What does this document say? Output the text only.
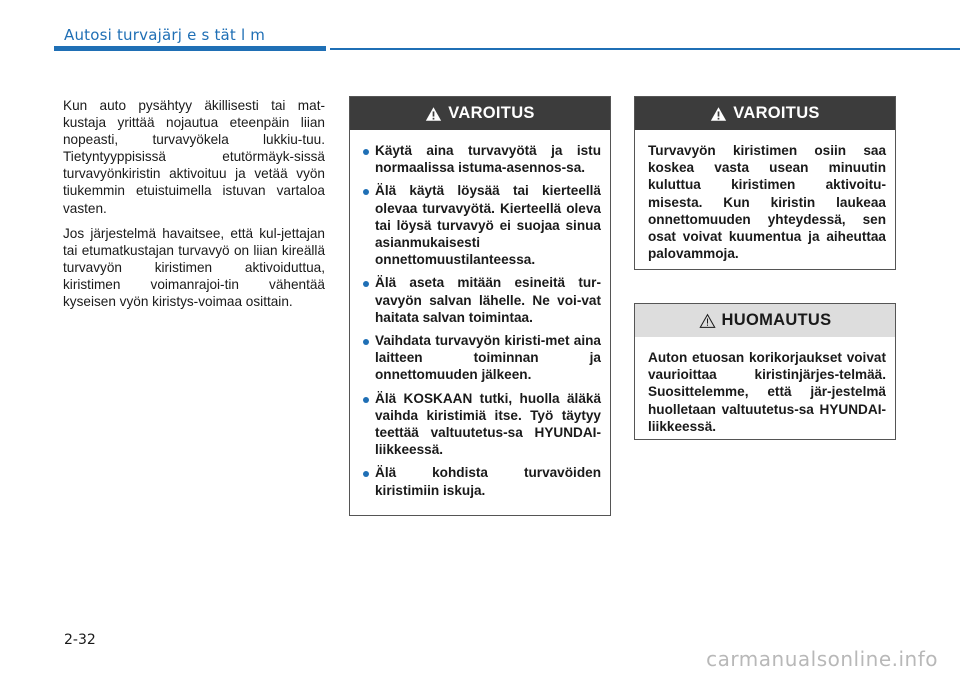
Autosi turvajärj e s tät l m

Kun auto pysähtyy äkillisesti tai mat-kustaja yrittää nojautua eteenpäin liian nopeasti, turvavyökela lukkiu-tuu. Tietyntyyppisissä etutörmäyk-sissä turvavyönkiristin aktivoituu ja vetää vyön tiukemmin etuistuimella istuvan vartaloa vasten.

Jos järjestelmä havaitsee, että kul-jettajan tai etumatkustajan turvavyö on liian kireällä turvavyön kiristimen aktivoiduttua, kiristimen voimanrajoi-tin vähentää kyseisen vyön kiristys-voimaa osittain.

VAROITUS
Käytä aina turvavyötä ja istu normaalissa istuma-asennos-sa.
Älä käytä löysää tai kierteellä olevaa turvavyötä. Kierteellä oleva tai löysä turvavyö ei suojaa sinua asianmukaisesti onnettomuustilanteessa.
Älä aseta mitään esineitä tur-vavyön salvan lähelle. Ne voi-vat haitata salvan toimintaa.
Vaihdata turvavyön kiristi-met aina laitteen toiminnan ja onnettomuuden jälkeen.
Älä KOSKAAN tutki, huolla äläkä vaihda kiristimiä itse. Työ täytyy teettää valtuutetus-sa HYUNDAI-liikkeessä.
Älä kohdista turvavöiden kiristimiin iskuja.
VAROITUS
Turvavyön kiristimen osiin saa koskea vasta usean minuutin kuluttua kiristimen aktivoitu-misesta. Kun kiristin laukeaa onnettomuuden yhteydessä, sen osat voivat kuumentua ja aiheuttaa palovammoja.
HUOMAUTUS
Auton etuosan korikorjaukset voivat vaurioittaa kiristinjärjes-telmää. Suosittelemme, että jär-jestelmä huolletaan valtuutetus-sa HYUNDAI-liikkeessä.
2-32
carmanualsonline.info
